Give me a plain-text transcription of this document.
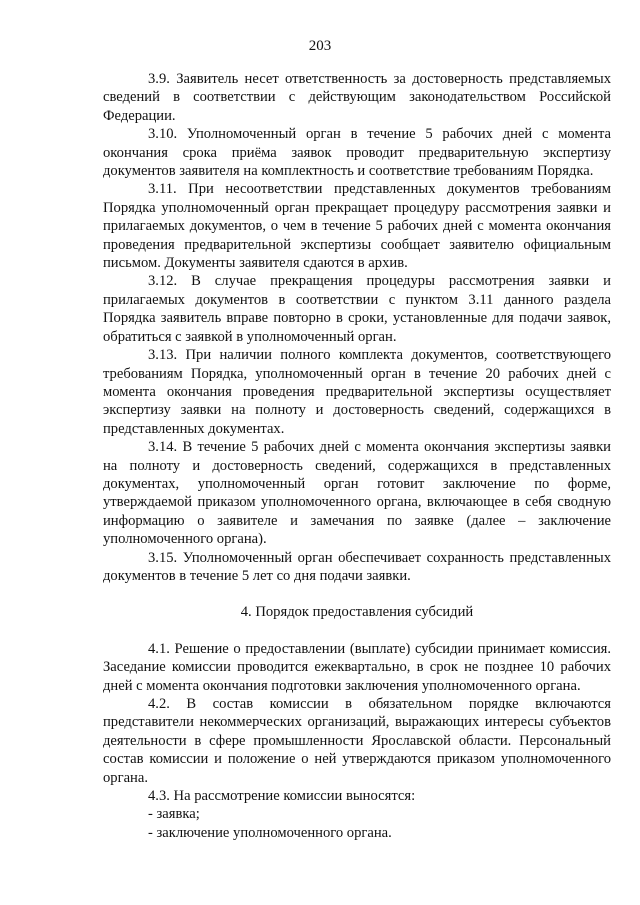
203

3.9. Заявитель несет ответственность за достоверность представляемых сведений в соответствии с действующим законодательством Российской Федерации.

3.10. Уполномоченный орган в течение 5 рабочих дней с момента окончания срока приёма заявок проводит предварительную экспертизу документов заявителя на комплектность и соответствие требованиям Порядка.

3.11. При несоответствии представленных документов требованиям Порядка уполномоченный орган прекращает процедуру рассмотрения заявки и прилагаемых документов, о чем в течение 5 рабочих дней с момента окончания проведения предварительной экспертизы сообщает заявителю официальным письмом. Документы заявителя сдаются в архив.

3.12. В случае прекращения процедуры рассмотрения заявки и прилагаемых документов в соответствии с пунктом 3.11 данного раздела Порядка заявитель вправе повторно в сроки, установленные для подачи заявок, обратиться с заявкой в уполномоченный орган.

3.13. При наличии полного комплекта документов, соответствующего требованиям Порядка, уполномоченный орган в течение 20 рабочих дней с момента окончания проведения предварительной экспертизы осуществляет экспертизу заявки на полноту и достоверность сведений, содержащихся в представленных документах.

3.14. В течение 5 рабочих дней с момента окончания экспертизы заявки на полноту и достоверность сведений, содержащихся в представленных документах, уполномоченный орган готовит заключение по форме, утверждаемой приказом уполномоченного органа, включающее в себя сводную информацию о заявителе и замечания по заявке (далее – заключение уполномоченного органа).

3.15. Уполномоченный орган обеспечивает сохранность представленных документов в течение 5 лет со дня подачи заявки.

4. Порядок предоставления субсидий

4.1. Решение о предоставлении (выплате) субсидии принимает комиссия. Заседание комиссии проводится ежеквартально, в срок не позднее 10 рабочих дней с момента окончания подготовки заключения уполномоченного органа.

4.2. В состав комиссии в обязательном порядке включаются представители некоммерческих организаций, выражающих интересы субъектов деятельности в сфере промышленности Ярославской области. Персональный состав комиссии и положение о ней утверждаются приказом уполномоченного органа.

4.3. На рассмотрение комиссии выносятся:

- заявка;

- заключение уполномоченного органа.
